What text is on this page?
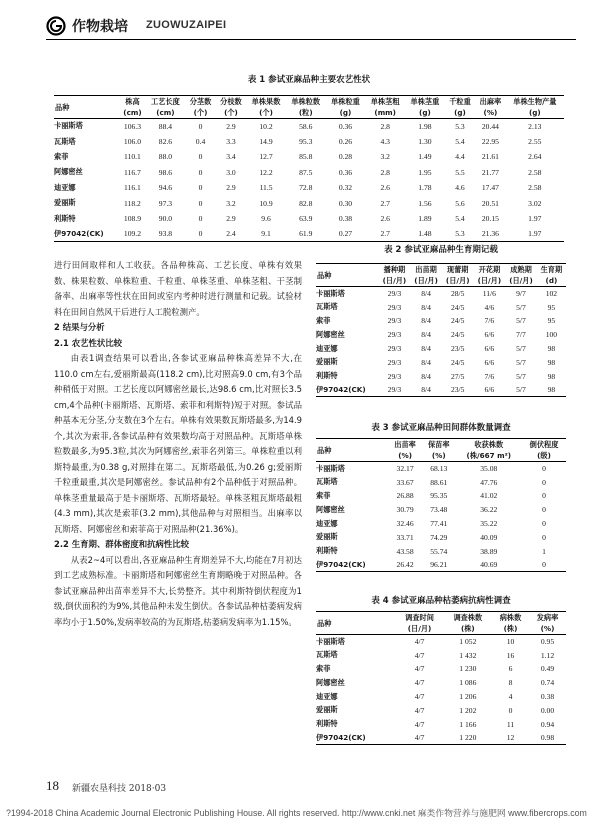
作物栽培 ZUOWUZAIPEI
表 1 参试亚麻品种主要农艺性状
品种	株高	工艺长度	分茎数	分枝数	单株果数	单株粒数	单株粒重	单株茎粗	单株茎重	千粒重	出麻率	单株生物产量
	(cm)	(cm)	(个)	(个)	(个)	(粒)	(g)	(mm)	(g)	(g)	(%)	(g)
卡丽斯塔	106.3	88.4	0	2.9	10.2	58.6	0.36	2.8	1.98	5.3	20.44	2.13
瓦斯塔	106.0	82.6	0.4	3.3	14.9	95.3	0.26	4.3	1.30	5.4	22.95	2.55
索菲	110.1	88.0	0	3.4	12.7	85.8	0.28	3.2	1.49	4.4	21.61	2.64
阿娜密丝	116.7	98.6	0	3.0	12.2	87.5	0.36	2.8	1.95	5.5	21.77	2.58
迪亚娜	116.1	94.6	0	2.9	11.5	72.8	0.32	2.6	1.78	4.6	17.47	2.58
爱丽斯	118.2	97.3	0	3.2	10.9	82.8	0.30	2.7	1.56	5.6	20.51	3.02
利斯特	108.9	90.0	0	2.9	9.6	63.9	0.38	2.6	1.89	5.4	20.15	1.97
伊97042(CK)	109.2	93.8	0	2.4	9.1	61.9	0.27	2.7	1.48	5.3	21.36	1.97
表 2 参试亚麻品种生育期记载
品种	播种期	出苗期	现蕾期	开花期	成熟期	生育期
	(日/月)	(日/月)	(日/月)	(日/月)	(日/月)	(d)
卡丽斯塔	29/3	8/4	28/5	11/6	9/7	102
瓦斯塔	29/3	8/4	24/5	4/6	5/7	95
索菲	29/3	8/4	24/5	7/6	5/7	95
阿娜密丝	29/3	8/4	24/5	6/6	7/7	100
迪亚娜	29/3	8/4	23/5	6/6	5/7	98
爱丽斯	29/3	8/4	24/5	6/6	5/7	98
利斯特	29/3	8/4	27/5	7/6	5/7	98
伊97042(CK)	29/3	8/4	23/5	6/6	5/7	98
表 3 参试亚麻品种田间群体数量调查
品种	出苗率	保苗率	收获株数	倒伏程度
	(%)	(%)	(株/667 m²)	(级)
卡丽斯塔	32.17	68.13	35.08	0
瓦斯塔	33.67	88.61	47.76	0
索菲	26.88	95.35	41.02	0
阿娜密丝	30.79	73.48	36.22	0
迪亚娜	32.46	77.41	35.22	0
爱丽斯	33.71	74.29	40.09	0
利斯特	43.58	55.74	38.89	1
伊97042(CK)	26.42	96.21	40.69	0
表 4 参试亚麻品种枯萎病抗病性调查
品种	调查时间	调查株数	病株数	发病率
	(日/月)	(株)	(株)	(%)
卡丽斯塔	4/7	1 052	10	0.95
瓦斯塔	4/7	1 432	16	1.12
索菲	4/7	1 230	6	0.49
阿娜密丝	4/7	1 086	8	0.74
迪亚娜	4/7	1 206	4	0.38
爱丽斯	4/7	1 202	0	0.00
利斯特	4/7	1 166	11	0.94
伊97042(CK)	4/7	1 220	12	0.98

进行田间取样和人工收获。各品种株高、工艺长度、单株有效果数、株果粒数、单株粒重、千粒重、单株茎重、单株茎粗、干茎制备率、出麻率等性状在田间或室内考种时进行测量和记载。试验材料在田间自然风干后进行人工脱粒测产。

2 结果与分析

2.1 农艺性状比较

由表1调查结果可以看出,各参试亚麻品种株高差异不大,在110.0 cm左右,爱丽斯最高(118.2 cm),比对照高9.0 cm,有3个品种稍低于对照。工艺长度以阿娜密丝最长,达98.6 cm,比对照长3.5 cm,4个品种(卡丽斯塔、瓦斯塔、索菲和利斯特)短于对照。参试品种基本无分茎,分支数在3个左右。单株有效果数瓦斯塔最多,为14.9个,其次为索菲,各参试品种有效果数均高于对照品种。瓦斯塔单株粒数最多,为95.3粒,其次为阿娜密丝,索菲名列第三。单株粒重以利斯特最重,为0.38 g,对照排在第二。瓦斯塔最低,为0.26 g;爱丽斯千粒重最重,其次是阿娜密丝。参试品种有2个品种低于对照品种。单株茎重量最高于是卡丽斯塔、瓦斯塔最轻。单株茎粗瓦斯塔最粗(4.3 mm),其次是索菲(3.2 mm),其他品种与对照相当。出麻率以瓦斯塔、阿娜密丝和索菲高于对照品种(21.36%)。

2.2 生育期、群体密度和抗病性比较

从表2~4可以看出,各亚麻品种生育期差异不大,均能在7月初达到工艺成熟标准。卡丽斯塔和阿娜密丝生育期略晚于对照品种。各参试亚麻品种出苗率差异不大,长势整齐。其中利斯特倒伏程度为1级,倒伏面积约为9%,其他品种未发生倒伏。各参试品种枯萎病发病率均小于1.50%,发病率较高的为瓦斯塔,枯萎病发病率为1.15%。

18 新疆农垦科技 2018·03
?1994-2018 China Academic Journal Electronic Publishing House. All rights reserved. http://www.cnki.net 麻类作物营养与施肥网 www.fibercrops.com
